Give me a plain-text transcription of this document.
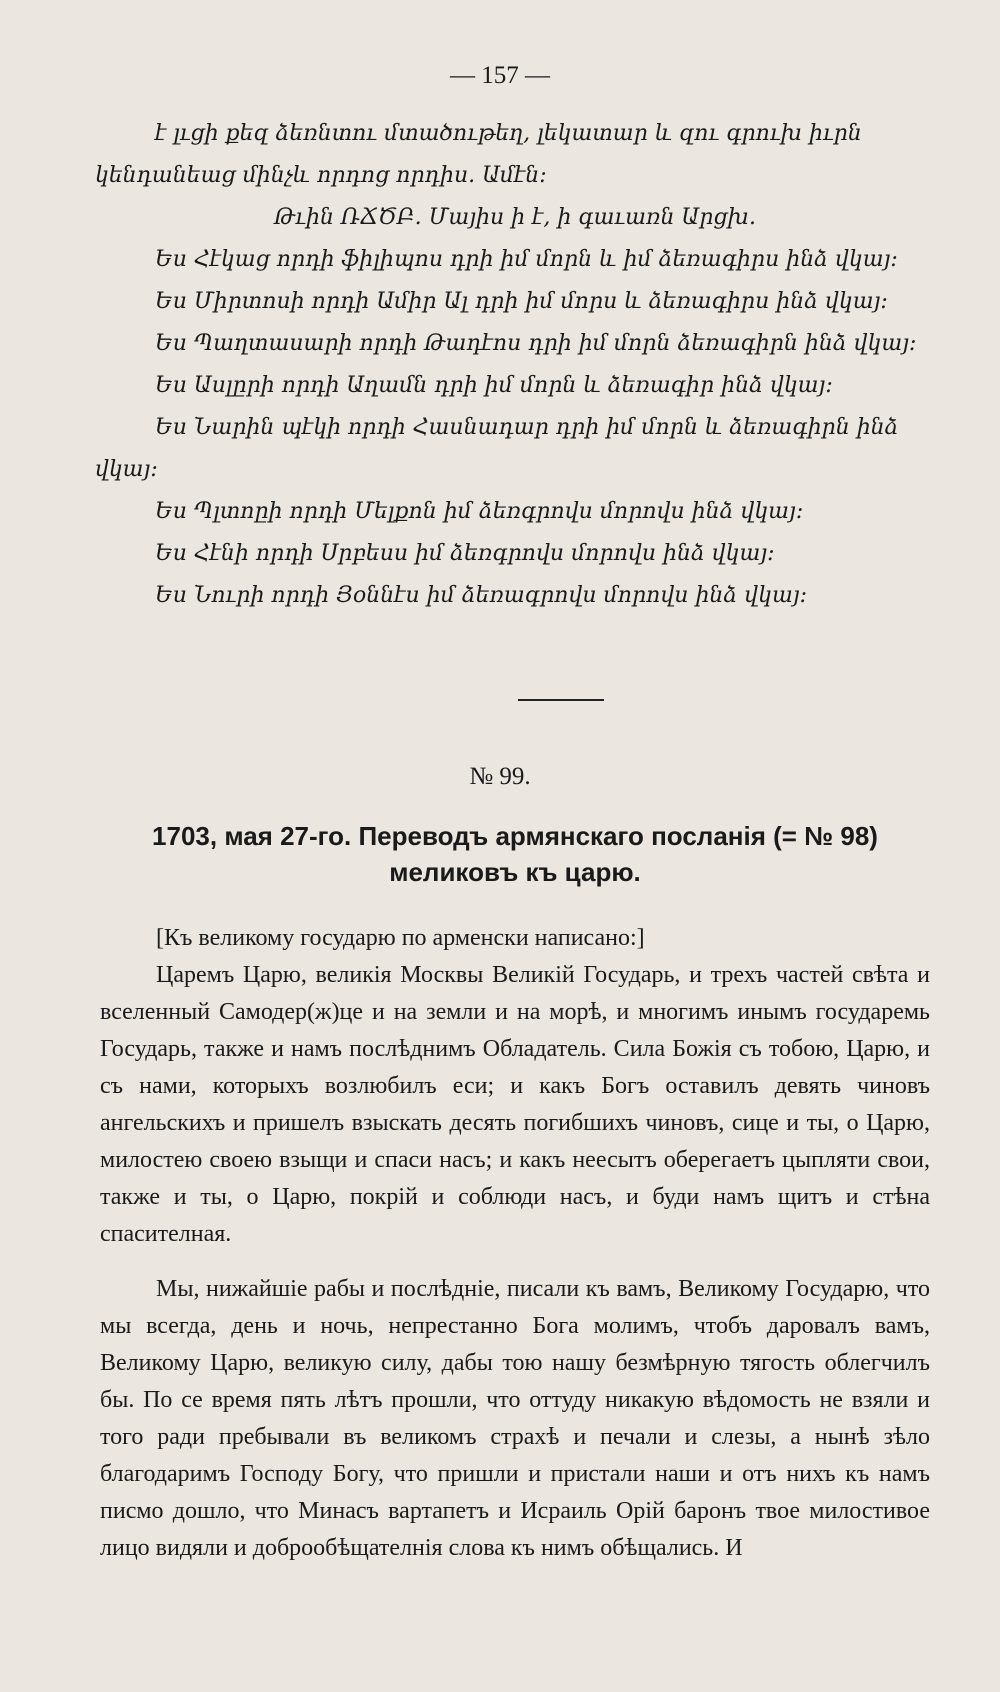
— 157 —

է լւցի քեզ ձեռնտու մտածութեղ, լեկատար և զու գրուխ իւրն կենդանեաց մինչև որդոց որդիս. Ամէն։

Թւին ՌՃԾԲ. Մայիս ի է, ի գաւառն Արցխ.

Ես Հէկաց որդի ֆիլիպոս դրի իմ մորն և իմ ձեռագիրս ինձ վկայ։

Ես Միրտոսի որդի Ամիր Ալ դրի իմ մորս և ձեռագիրս ինձ վկայ։

Ես Պաղտասարի որդի Թադէոս դրի իմ մորն ձեռագիրն ինձ վկայ։

Ես Ասլըրի որդի Աղամն դրի իմ մորն և ձեռագիր ինձ վկայ։

Ես Նարին պէկի որդի Հասնադար դրի իմ մորն և ձեռագիրն ինձ վկայ։

Ես Պլտոըի որդի Մելքոն իմ ձեռգրովս մորովս ինձ վկայ։

Ես Հէնի որդի Սրբեսս իմ ձեռգրովս մորովս ինձ վկայ։

Ես Նուրի որդի Յօննէս իմ ձեռագրովս մորովս ինձ վկայ։

№ 99.
1703, мая 27-го. Переводъ армянскаго посланія (= № 98) меликовъ къ царю.

[Къ великому государю по армeнски написано:]

Царемъ Царю, великія Москвы Великій Государь, и трехъ частей свѣта и вселенный Самодер(ж)це и на земли и на морѣ, и многимъ инымъ государемь Государь, также и намъ послѣднимъ Обладатель. Сила Божія съ тобою, Царю, и съ нами, которыхъ возлюбилъ еси; и какъ Богъ оставилъ девять чиновъ ангельскихъ и пришелъ взыскать десять погибшихъ чиновъ, сице и ты, о Царю, милостею своею взыщи и спаси насъ; и какъ неесытъ оберегаетъ цыпляти свои, также и ты, о Царю, покрій и соблюди насъ, и буди намъ щитъ и стѣна спасителная.

Мы, нижайшіе рабы и послѣдніе, писали къ вамъ, Великому Государю, что мы всегда, день и ночь, непрестанно Бога молимъ, чтобъ даровалъ вамъ, Великому Царю, великую силу, дабы тою нашу безмѣрную тягость облегчилъ бы. По се время пять лѣтъ прошли, что оттуду никакую вѣдомость не взяли и того ради пребывали въ великомъ страхѣ и печали и слезы, а нынѣ зѣло благодаримъ Господу Богу, что пришли и пристали наши и отъ нихъ къ намъ писмо дошло, что Минасъ вартапетъ и Исраиль Орій баронъ твое милостивое лицо видяли и доброобѣщателнія слова къ нимъ обѣщались. И
